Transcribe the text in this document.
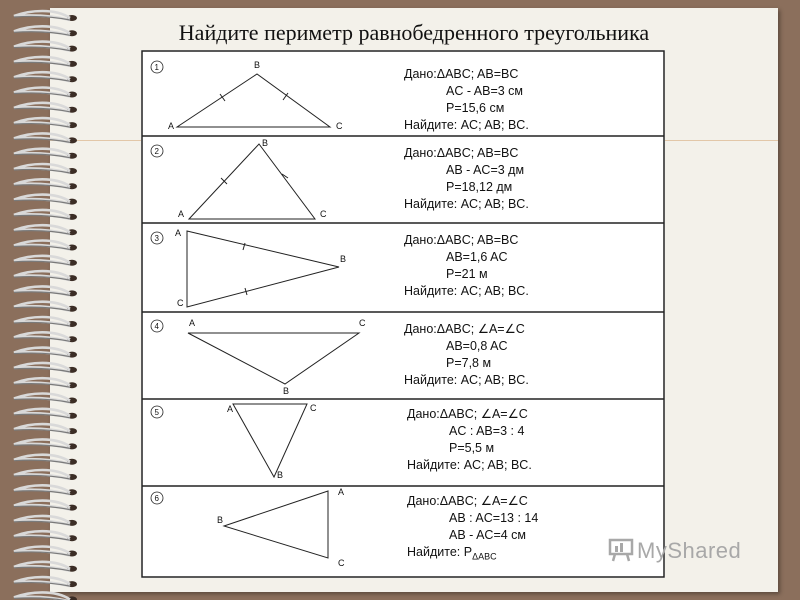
Найдите периметр равнобедренного треугольника
1
2
3
4
5
6
A
B
C
A
B
C
A
B
C
A
B
C
A
B
C
A
B
C
Дано:ΔABC; AB=BC
AC - AB=3 см
P=15,6 см
Найдите: AC; AB; BC.
Дано:ΔABC; AB=BC
AB - AC=3 дм
P=18,12 дм
Найдите: AC; AB; BC.
Дано:ΔABC; AB=BC
AB=1,6 AC
P=21 м
Найдите: AC; AB; BC.
Дано:ΔABC; ∠A=∠C
AB=0,8 AC
P=7,8 м
Найдите: AC; AB; BC.
Дано:ΔABC; ∠A=∠C
AC : AB=3 : 4
P=5,5 м
Найдите: AC; AB; BC.
Дано:ΔABC; ∠A=∠C
AB : AC=13 : 14
AB - AC=4 см
Найдите: $P_{\Delta ABC}$	MyShared
